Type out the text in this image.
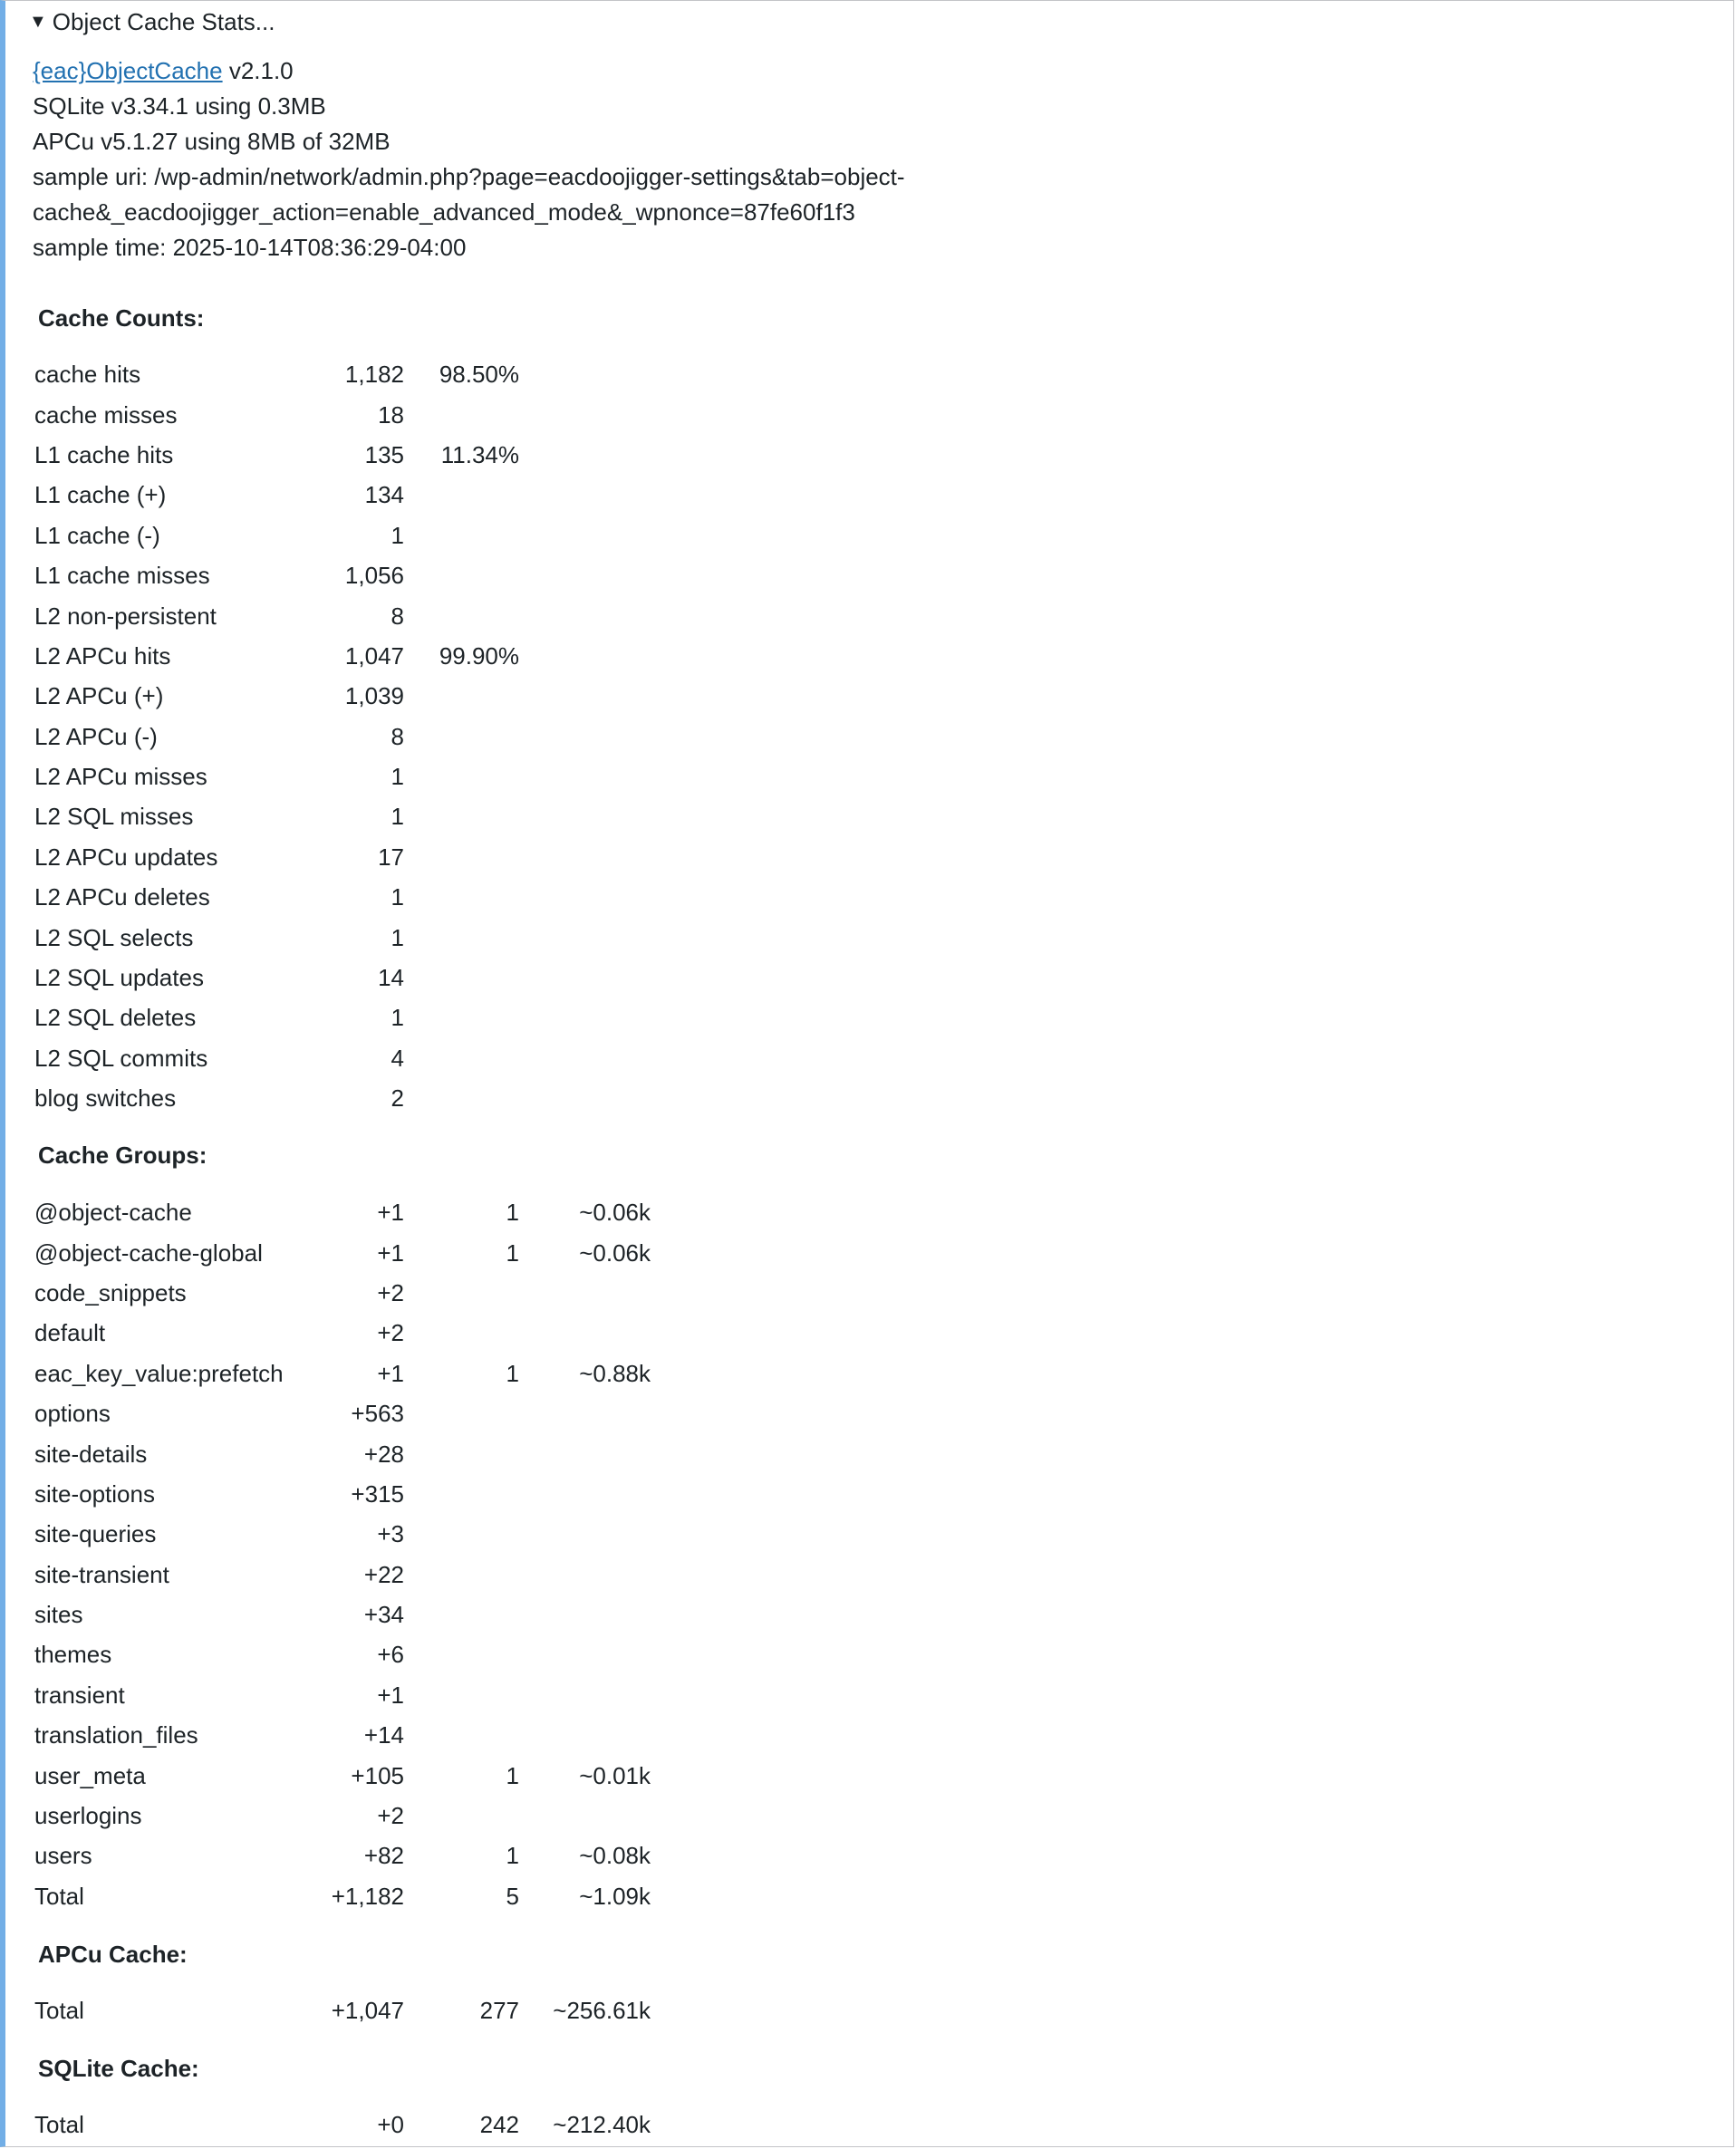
▼ Object Cache Stats...
{eac}ObjectCache v2.1.0
SQLite v3.34.1 using 0.3MB
APCu v5.1.27 using 8MB of 32MB
sample uri: /wp-admin/network/admin.php?page=eacdoojigger-settings&tab=object-
cache&_eacdoojigger_action=enable_advanced_mode&_wpnonce=87fe60f1f3
sample time: 2025-10-14T08:36:29-04:00
Cache Counts:
cache hits	1,182	98.50%
cache misses	18	
L1 cache hits	135	11.34%
L1 cache (+)	134	
L1 cache (-)	1	
L1 cache misses	1,056	
L2 non-persistent	8	
L2 APCu hits	1,047	99.90%
L2 APCu (+)	1,039	
L2 APCu (-)	8	
L2 APCu misses	1	
L2 SQL misses	1	
L2 APCu updates	17	
L2 APCu deletes	1	
L2 SQL selects	1	
L2 SQL updates	14	
L2 SQL deletes	1	
L2 SQL commits	4	
blog switches	2	
Cache Groups:
@object-cache	+1	1	~0.06k
@object-cache-global	+1	1	~0.06k
code_snippets	+2		
default	+2		
eac_key_value:prefetch	+1	1	~0.88k
options	+563		
site-details	+28		
site-options	+315		
site-queries	+3		
site-transient	+22		
sites	+34		
themes	+6		
transient	+1		
translation_files	+14		
user_meta	+105	1	~0.01k
userlogins	+2		
users	+82	1	~0.08k
Total	+1,182	5	~1.09k
APCu Cache:
Total	+1,047	277	~256.61k
SQLite Cache:
Total	+0	242	~212.40k
